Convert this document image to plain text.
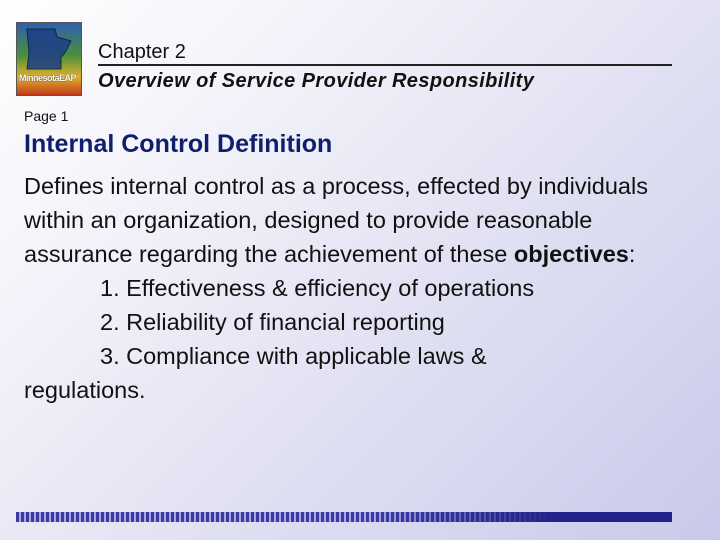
MinnesotaEAP
Chapter 2
Overview of Service Provider Responsibility
Page 1
Internal Control Definition

Defines internal control as a process, effected by individuals within an organization, designed to provide reasonable assurance regarding the achievement of these objectives:

1. Effectiveness & efficiency of operations

2. Reliability of financial reporting

3. Compliance with applicable laws &

regulations.
